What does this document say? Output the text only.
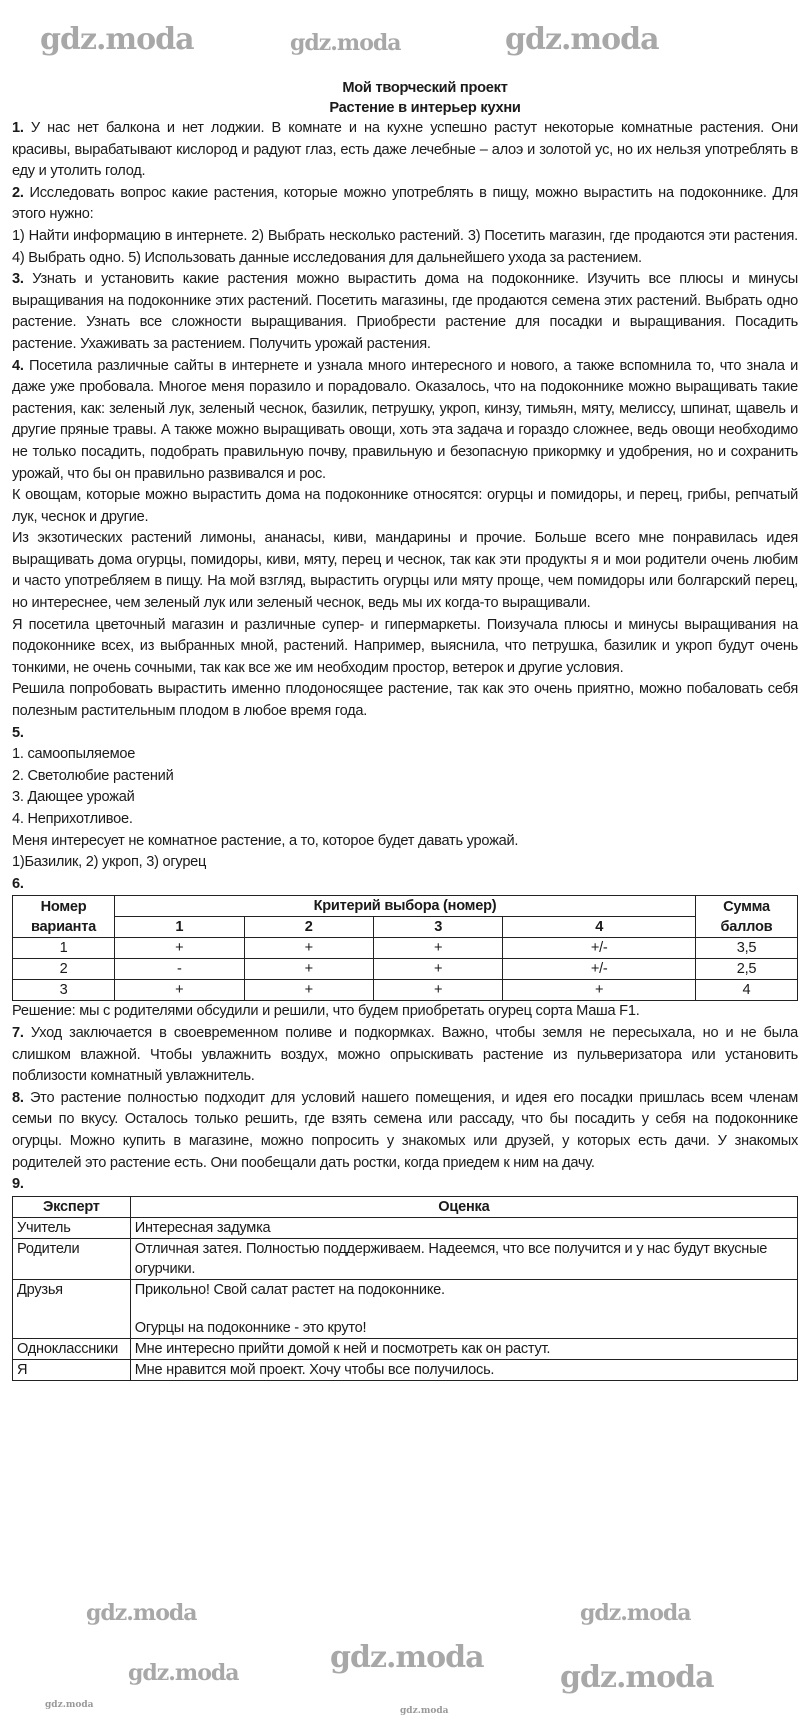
Мой творческий проект
Растение в интерьер кухни

1. У нас нет балкона и нет лоджии. В комнате и на кухне успешно растут некоторые комнатные растения. Они красивы, вырабатывают кислород и радуют глаз, есть даже лечебные – алоэ и золотой ус, но их нельзя употреблять в еду и утолить голод.

2. Исследовать вопрос какие растения, которые можно употреблять в пищу, можно вырастить на подоконнике. Для этого нужно:

1) Найти информацию в интернете. 2) Выбрать несколько растений. 3) Посетить магазин, где продаются эти растения. 4) Выбрать одно. 5) Использовать данные исследования для дальнейшего ухода за растением.

3. Узнать и установить какие растения можно вырастить дома на подоконнике. Изучить все плюсы и минусы выращивания на подоконнике этих растений. Посетить магазины, где продаются семена этих растений. Выбрать одно растение. Узнать все сложности выращивания. Приобрести растение для посадки и выращивания. Посадить растение. Ухаживать за растением. Получить урожай растения.

4. Посетила различные сайты в интернете и узнала много интересного и нового, а также вспомнила то, что знала и даже уже пробовала. Многое меня поразило и порадовало. Оказалось, что на подоконнике можно выращивать такие растения, как: зеленый лук, зеленый чеснок, базилик, петрушку, укроп, кинзу, тимьян, мяту, мелиссу, шпинат, щавель и другие пряные травы. А также можно выращивать овощи, хоть эта задача и гораздо сложнее, ведь овощи необходимо не только посадить, подобрать правильную почву, правильную и безопасную прикормку и удобрения, но и сохранить урожай, что бы он правильно развивался и рос.

К овощам, которые можно вырастить дома на подоконнике относятся: огурцы и помидоры, и перец, грибы, репчатый лук, чеснок и другие.

Из экзотических растений лимоны, ананасы, киви, мандарины и прочие. Больше всего мне понравилась идея выращивать дома огурцы, помидоры, киви, мяту, перец и чеснок, так как эти продукты я и мои родители очень любим и часто употребляем в пищу. На мой взгляд, вырастить огурцы или мяту проще, чем помидоры или болгарский перец, но интереснее, чем зеленый лук или зеленый чеснок, ведь мы их когда-то выращивали.

Я посетила цветочный магазин и различные супер- и гипермаркеты. Поизучала плюсы и минусы выращивания на подоконнике всех, из выбранных мной, растений. Например, выяснила, что петрушка, базилик и укроп будут очень тонкими, не очень сочными, так как все же им необходим простор, ветерок и другие условия.

Решила попробовать вырастить именно плодоносящее растение, так как это очень приятно, можно побаловать себя полезным растительным плодом в любое время года.

5.

1. самоопыляемое

2. Светолюбие растений

3. Дающее урожай

4. Неприхотливое.

Меня интересует не комнатное растение, а то, которое будет давать урожай.

1)Базилик, 2) укроп, 3) огурец

6.

Номер варианта	Критерий выбора (номер)				Сумма баллов
	1	2	3	4	
1	+	+	+	+/-	3,5
2	-	+	+	+/-	2,5
3	+	+	+	+	4

Решение: мы с родителями обсудили и решили, что будем приобретать огурец сорта Маша F1.

7. Уход заключается в своевременном поливе и подкормках. Важно, чтобы земля не пересыхала, но и не была слишком влажной. Чтобы увлажнить воздух, можно опрыскивать растение из пульверизатора или установить поблизости комнатный увлажнитель.

8. Это растение полностью подходит для условий нашего помещения, и идея его посадки пришлась всем членам семьи по вкусу. Осталось только решить, где взять семена или рассаду, что бы посадить у себя на подоконнике огурцы. Можно купить в магазине, можно попросить у знакомых или друзей, у которых есть дачи. У знакомых родителей это растение есть. Они пообещали дать ростки, когда приедем к ним на дачу.

9.

Эксперт	Оценка
Учитель	Интересная задумка
Родители	Отличная затея. Полностью поддерживаем. Надеемся, что все получится и у нас будут вкусные огурчики.
Друзья	Прикольно! Свой салат растет на подоконнике.
Огурцы на подоконнике - это круто!

Одноклассники	Мне интересно прийти домой к ней и посмотреть как он растут.
Я	Мне нравится мой проект. Хочу чтобы все получилось.
gdz.moda	gdz.moda
gdz.moda
gdz.moda	gdz.moda
gdz.moda
gdz.moda	gdz.moda
gdz.moda
gdz.moda
